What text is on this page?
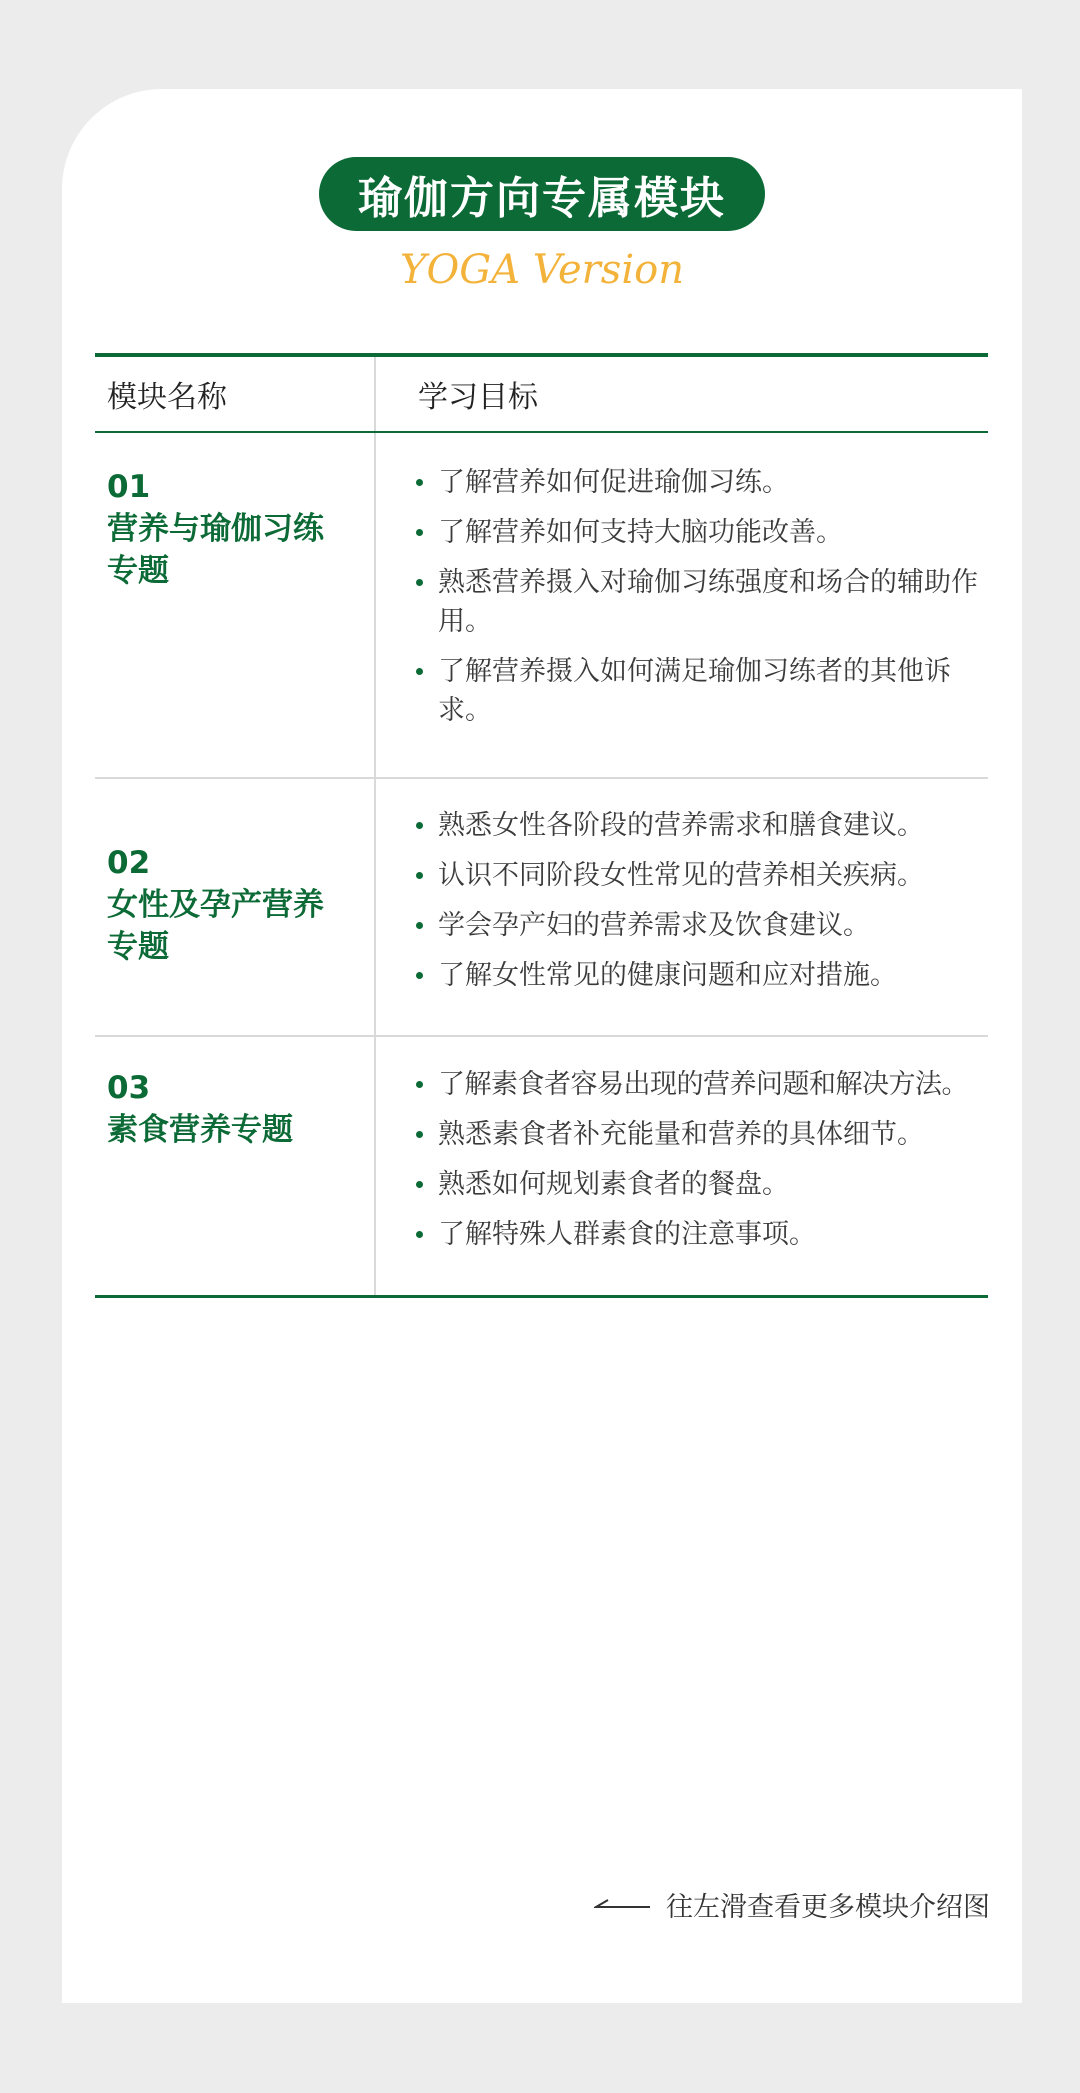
瑜伽方向专属模块
YOGA Version
模块名称	学习目标
01
营养与瑜伽习练专题
了解营养如何促进瑜伽习练。
了解营养如何支持大脑功能改善。
熟悉营养摄入对瑜伽习练强度和场合的辅助作用。
了解营养摄入如何满足瑜伽习练者的其他诉求。
02
女性及孕产营养专题
熟悉女性各阶段的营养需求和膳食建议。
认识不同阶段女性常见的营养相关疾病。
学会孕产妇的营养需求及饮食建议。
了解女性常见的健康问题和应对措施。
03
素食营养专题
了解素食者容易出现的营养问题和解决方法。
熟悉素食者补充能量和营养的具体细节。
熟悉如何规划素食者的餐盘。
了解特殊人群素食的注意事项。
往左滑查看更多模块介绍图
